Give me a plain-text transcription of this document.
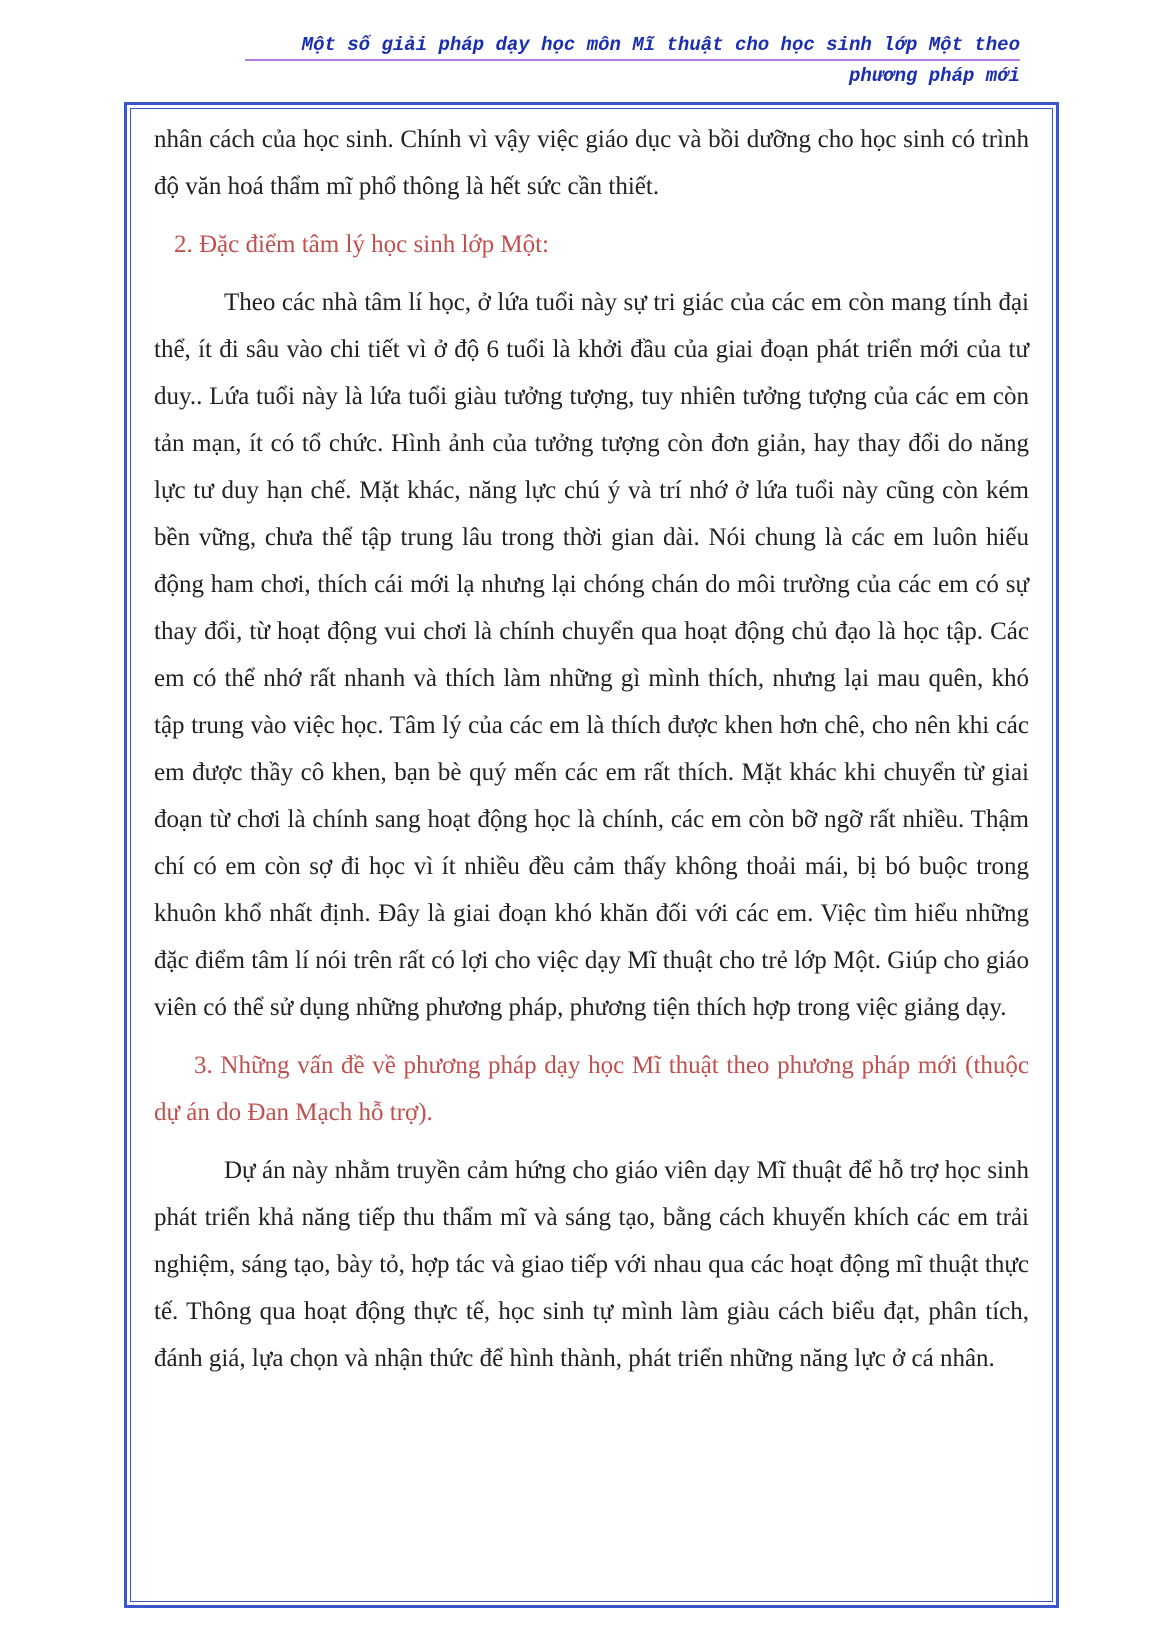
Một số giải pháp dạy học môn Mĩ thuật cho học sinh lớp Một theo phương pháp mới

nhân cách của học sinh. Chính vì vậy việc giáo dục và bồi dưỡng cho học sinh có trình độ văn hoá thẩm mĩ phổ thông là hết sức cần thiết.

2. Đặc điểm tâm lý học sinh lớp Một:

Theo các nhà tâm lí học, ở lứa tuổi này sự tri giác của các em còn mang tính đại thể, ít đi sâu vào chi tiết vì ở độ 6 tuổi là khởi đầu của giai đoạn phát triển mới của tư duy.. Lứa tuổi này là lứa tuổi giàu tưởng tượng, tuy nhiên tưởng tượng của các em còn tản mạn, ít có tổ chức. Hình ảnh của tưởng tượng còn đơn giản, hay thay đổi do năng lực tư duy hạn chế. Mặt khác, năng lực chú ý và trí nhớ ở lứa tuổi này cũng còn kém bền vững, chưa thể tập trung lâu trong thời gian dài. Nói chung là các em luôn hiếu động ham chơi, thích cái mới lạ nhưng lại chóng chán do môi trường của các em có sự thay đổi, từ hoạt động vui chơi là chính chuyển qua hoạt động chủ đạo là học tập. Các em có thể nhớ rất nhanh và thích làm những gì mình thích, nhưng lại mau quên, khó tập trung vào việc học. Tâm lý của các em là thích được khen hơn chê, cho nên khi các em được thầy cô khen, bạn bè quý mến các em rất thích. Mặt khác khi chuyển từ giai đoạn từ chơi là chính sang hoạt động học là chính, các em còn bỡ ngỡ rất nhiều. Thậm chí có em còn sợ đi học vì ít nhiều đều cảm thấy không thoải mái, bị bó buộc trong khuôn khổ nhất định. Đây là giai đoạn khó khăn đối với các em. Việc tìm hiểu những đặc điểm tâm lí nói trên rất có lợi cho việc dạy Mĩ thuật cho trẻ lớp Một. Giúp cho giáo viên có thể sử dụng những phương pháp, phương tiện thích hợp trong việc giảng dạy.

3. Những vấn đề về phương pháp dạy học Mĩ thuật theo phương pháp mới (thuộc dự án do Đan Mạch hỗ trợ).

Dự án này nhằm truyền cảm hứng cho giáo viên dạy Mĩ thuật để hỗ trợ học sinh phát triển khả năng tiếp thu thẩm mĩ và sáng tạo, bằng cách khuyến khích các em trải nghiệm, sáng tạo, bày tỏ, hợp tác và giao tiếp với nhau qua các hoạt động mĩ thuật thực tế. Thông qua hoạt động thực tế, học sinh tự mình làm giàu cách biểu đạt, phân tích, đánh giá, lựa chọn và nhận thức để hình thành, phát triển những năng lực ở cá nhân.
